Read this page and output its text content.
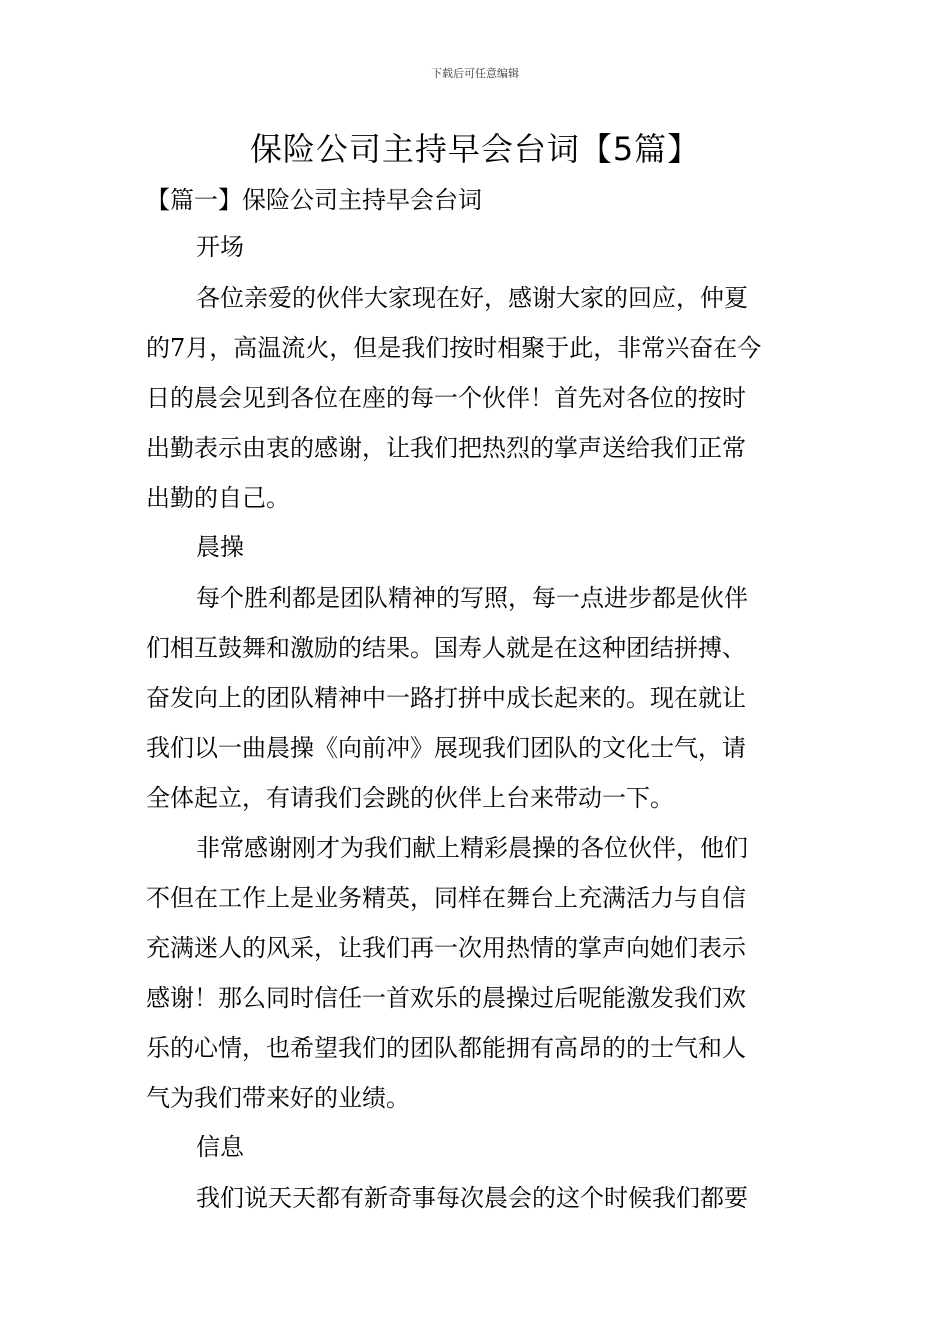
下载后可任意编辑
保险公司主持早会台词【5篇】
【篇一】保险公司主持早会台词
开场
各位亲爱的伙伴大家现在好，感谢大家的回应，仲夏
的7月，高温流火，但是我们按时相聚于此，非常兴奋在今
日的晨会见到各位在座的每一个伙伴！首先对各位的按时
出勤表示由衷的感谢，让我们把热烈的掌声送给我们正常
出勤的自己。
晨操
每个胜利都是团队精神的写照，每一点进步都是伙伴
们相互鼓舞和激励的结果。国寿人就是在这种团结拼搏、
奋发向上的团队精神中一路打拼中成长起来的。现在就让
我们以一曲晨操《向前冲》展现我们团队的文化士气，请
全体起立，有请我们会跳的伙伴上台来带动一下。
非常感谢刚才为我们献上精彩晨操的各位伙伴，他们
不但在工作上是业务精英，同样在舞台上充满活力与自信
充满迷人的风采，让我们再一次用热情的掌声向她们表示
感谢！那么同时信任一首欢乐的晨操过后呢能激发我们欢
乐的心情，也希望我们的团队都能拥有高昂的的士气和人
气为我们带来好的业绩。
信息
我们说天天都有新奇事每次晨会的这个时候我们都要
